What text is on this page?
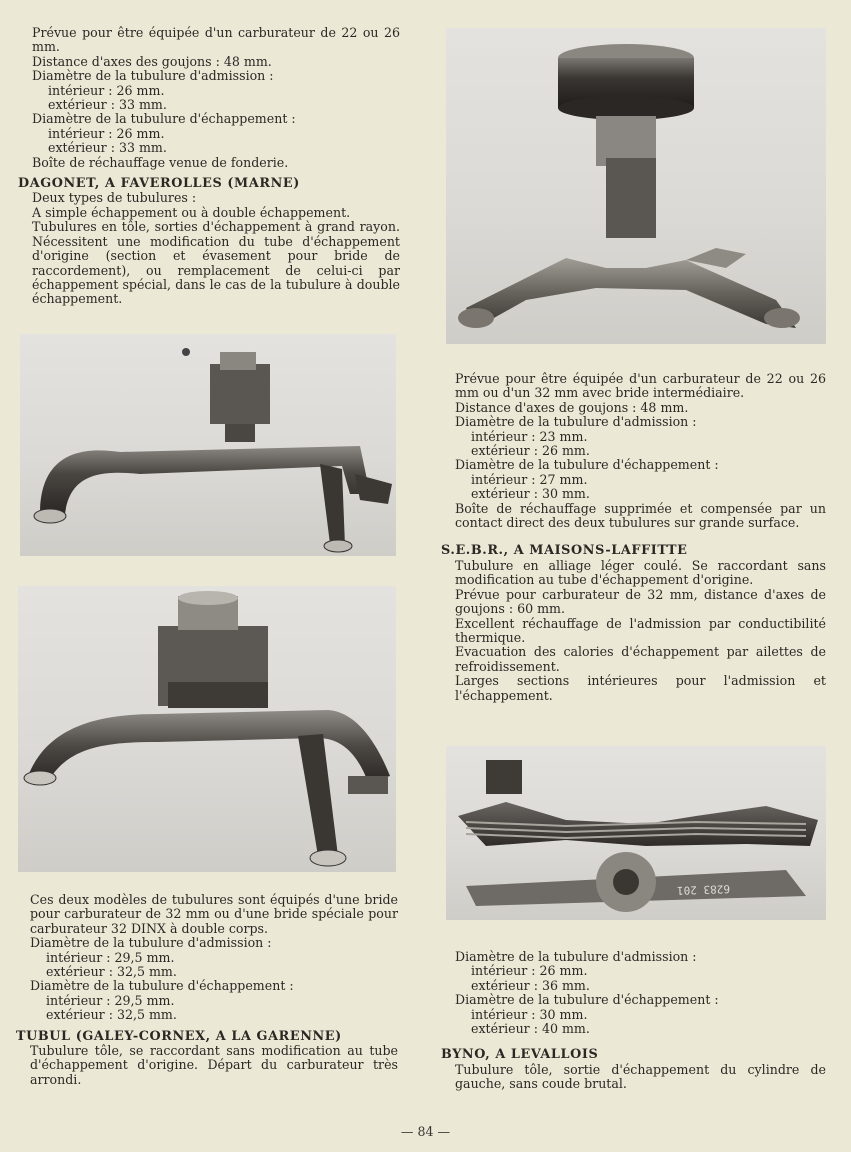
Prévue pour être équipée d'un carburateur de 22 ou 26 mm.

Distance d'axes des goujons : 48 mm.

Diamètre de la tubulure d'admission :

intérieur : 26 mm.

extérieur : 33 mm.

Diamètre de la tubulure d'échappement :

intérieur : 26 mm.

extérieur : 33 mm.

Boîte de réchauffage venue de fonderie.

DAGONET, A FAVEROLLES (MARNE)

Deux types de tubulures :

A simple échappement ou à double échappement.

Tubulures en tôle, sorties d'échappement à grand rayon. Nécessitent une modification du tube d'échappement d'origine (section et évasement pour bride de raccordement), ou remplacement de celui-ci par échappement spécial, dans le cas de la tubulure à double échappement.

Ces deux modèles de tubulures sont équipés d'une bride pour carburateur de 32 mm ou d'une bride spéciale pour carburateur 32 DINX à double corps.

Diamètre de la tubulure d'admission :

intérieur : 29,5 mm.

extérieur : 32,5 mm.

Diamètre de la tubulure d'échappement :

intérieur : 29,5 mm.

extérieur : 32,5 mm.

TUBUL (GALEY-CORNEX, A LA GARENNE)

Tubulure tôle, se raccordant sans modification au tube d'échappement d'origine. Départ du carburateur très arrondi.

Prévue pour être équipée d'un carburateur de 22 ou 26 mm ou d'un 32 mm avec bride intermédiaire.

Distance d'axes de goujons : 48 mm.

Diamètre de la tubulure d'admission :

intérieur : 23 mm.

extérieur : 26 mm.

Diamètre de la tubulure d'échappement :

intérieur : 27 mm.

extérieur : 30 mm.

Boîte de réchauffage supprimée et compensée par un contact direct des deux tubulures sur grande surface.

S.E.B.R., A MAISONS-LAFFITTE

Tubulure en alliage léger coulé. Se raccordant sans modification au tube d'échappement d'origine.

Prévue pour carburateur de 32 mm, distance d'axes de goujons : 60 mm.

Excellent réchauffage de l'admission par conductibilité thermique.

Evacuation des calories d'échappement par ailettes de refroidissement.

Larges sections intérieures pour l'admission et l'échappement.

6283 201

Diamètre de la tubulure d'admission :

intérieur : 26 mm.

extérieur : 36 mm.

Diamètre de la tubulure d'échappement :

intérieur : 30 mm.

extérieur : 40 mm.

BYNO, A LEVALLOIS

Tubulure tôle, sortie d'échappement du cylindre de gauche, sans coude brutal.

— 84 —
